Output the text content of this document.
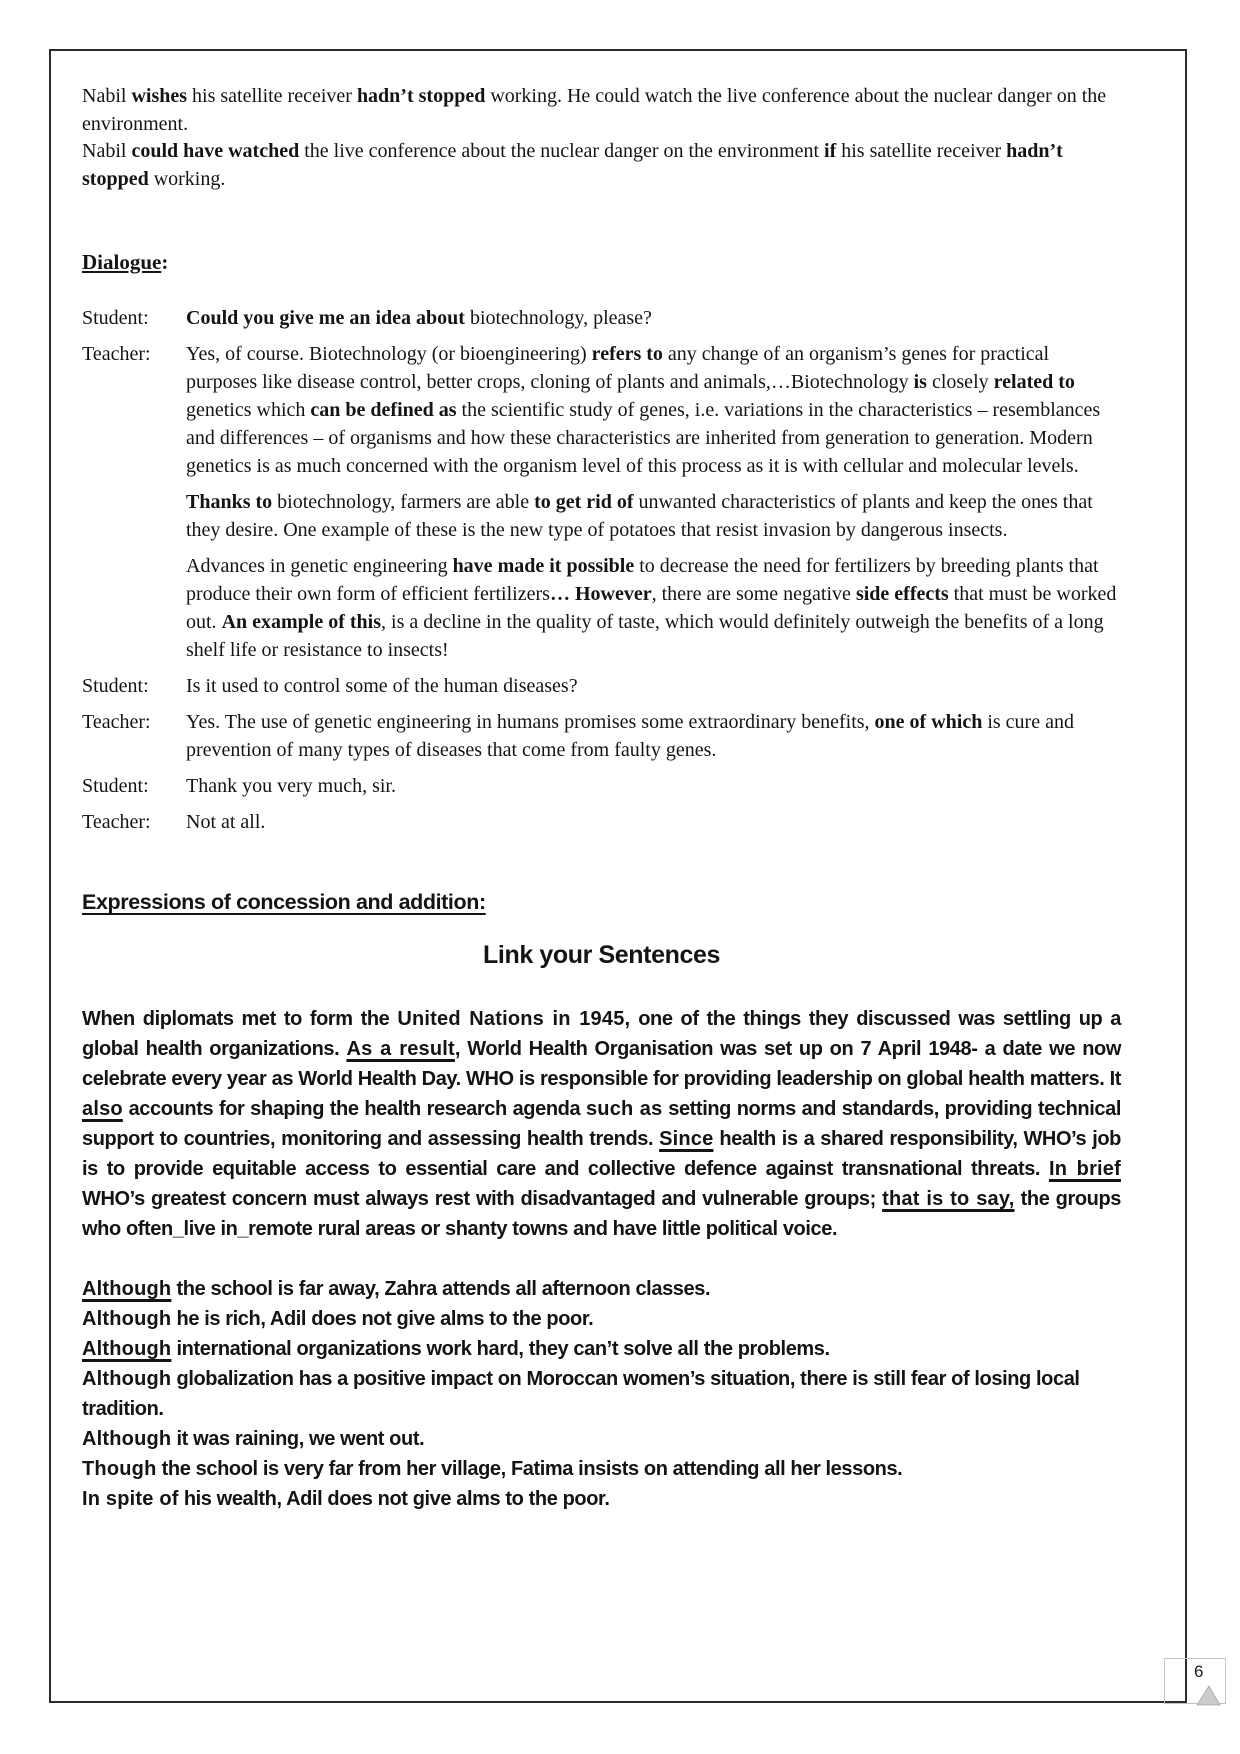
Nabil wishes his satellite receiver hadn’t stopped working. He could watch the live conference about the nuclear danger on the environment.

Nabil could have watched the live conference about the nuclear danger on the environment if his satellite receiver hadn’t stopped working.

Dialogue:
Student: Could you give me an idea about biotechnology, please?
Teacher: Yes, of course. Biotechnology (or bioengineering) refers to any change of an organism’s genes for practical purposes like disease control, better crops, cloning of plants and animals,…Biotechnology is closely related to genetics which can be defined as the scientific study of genes, i.e. variations in the characteristics – resemblances and differences – of organisms and how these characteristics are inherited from generation to generation. Modern genetics is as much concerned with the organism level of this process as it is with cellular and molecular levels.
Thanks to biotechnology, farmers are able to get rid of unwanted characteristics of plants and keep the ones that they desire. One example of these is the new type of potatoes that resist invasion by dangerous insects.
Advances in genetic engineering have made it possible to decrease the need for fertilizers by breeding plants that produce their own form of efficient fertilizers… However, there are some negative side effects that must be worked out. An example of this, is a decline in the quality of taste, which would definitely outweigh the benefits of a long shelf life or resistance to insects!
Student: Is it used to control some of the human diseases?
Teacher: Yes. The use of genetic engineering in humans promises some extraordinary benefits, one of which is cure and prevention of many types of diseases that come from faulty genes.
Student: Thank you very much, sir.
Teacher: Not at all.
Expressions of concession and addition:
Link your Sentences
When diplomats met to form the United Nations in 1945, one of the things they discussed was settling up a global health organizations. As a result, World Health Organisation was set up on 7 April 1948- a date we now celebrate every year as World Health Day. WHO is responsible for providing leadership on global health matters. It also accounts for shaping the health research agenda such as setting norms and standards, providing technical support to countries, monitoring and assessing health trends. Since health is a shared responsibility, WHO’s job is to provide equitable access to essential care and collective defence against transnational threats. In brief WHO’s greatest concern must always rest with disadvantaged and vulnerable groups; that is to say, the groups who often_live in_remote rural areas or shanty towns and have little political voice.
Although the school is far away, Zahra attends all afternoon classes.
Although he is rich, Adil does not give alms to the poor.
Although international organizations work hard, they can’t solve all the problems.
Although globalization has a positive impact on Moroccan women’s situation, there is still fear of losing local tradition.
Although it was raining, we went out.
Though the school is very far from her village, Fatima insists on attending all her lessons.
In spite of his wealth, Adil does not give alms to the poor.
6
